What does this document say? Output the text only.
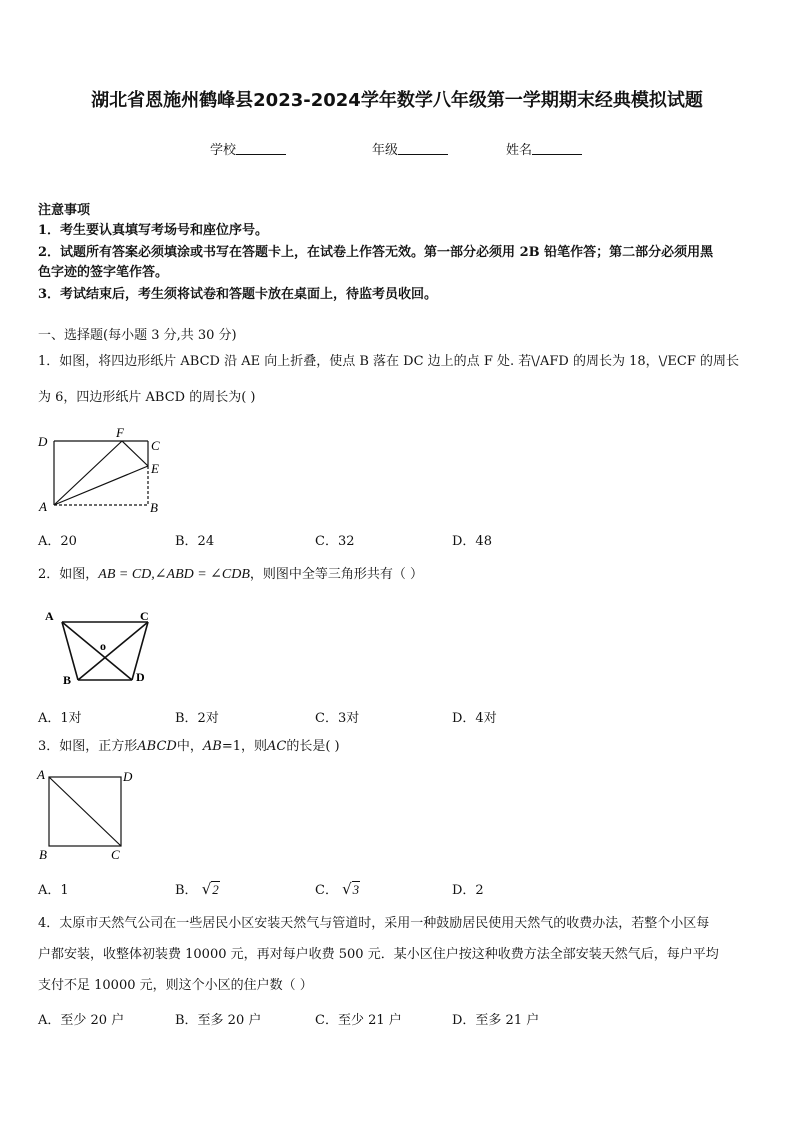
湖北省恩施州鹤峰县2023-2024学年数学八年级第一学期期末经典模拟试题
学校	年级	姓名
注意事项
1．考生要认真填写考场号和座位序号。
2．试题所有答案必须填涂或书写在答题卡上，在试卷上作答无效。第一部分必须用 2B 铅笔作答；第二部分必须用黑
色字迹的签字笔作答。
3．考试结束后，考生须将试卷和答题卡放在桌面上，待监考员收回。
一、选择题(每小题 3 分,共 30 分)
1．如图，将四边形纸片 ABCD 沿 AE 向上折叠，使点 B 落在 DC 边上的点 F 处. 若\/AFD 的周长为 18，\/ECF 的周长
为 6，四边形纸片 ABCD 的周长为( )
D
F
C
E
A	B
A．20	B．24	C．32	D．48
2．如图，AB = CD,∠ABD = ∠CDB，则图中全等三角形共有（ ）
A	C
o
B	D
A．1对	B．2对	C．3对	D．4对
3．如图，正方形ABCD中，AB=1，则AC的长是( )
A	D
B	C
A．1	B． √2	C． √3	D．2
4．太原市天然气公司在一些居民小区安装天然气与管道时，采用一种鼓励居民使用天然气的收费办法，若整个小区每
户都安装，收整体初装费 10000 元，再对每户收费 500 元．某小区住户按这种收费方法全部安装天然气后，每户平均
支付不足 10000 元，则这个小区的住户数（ ）
A．至少 20 户	B．至多 20 户	C．至少 21 户	D．至多 21 户
